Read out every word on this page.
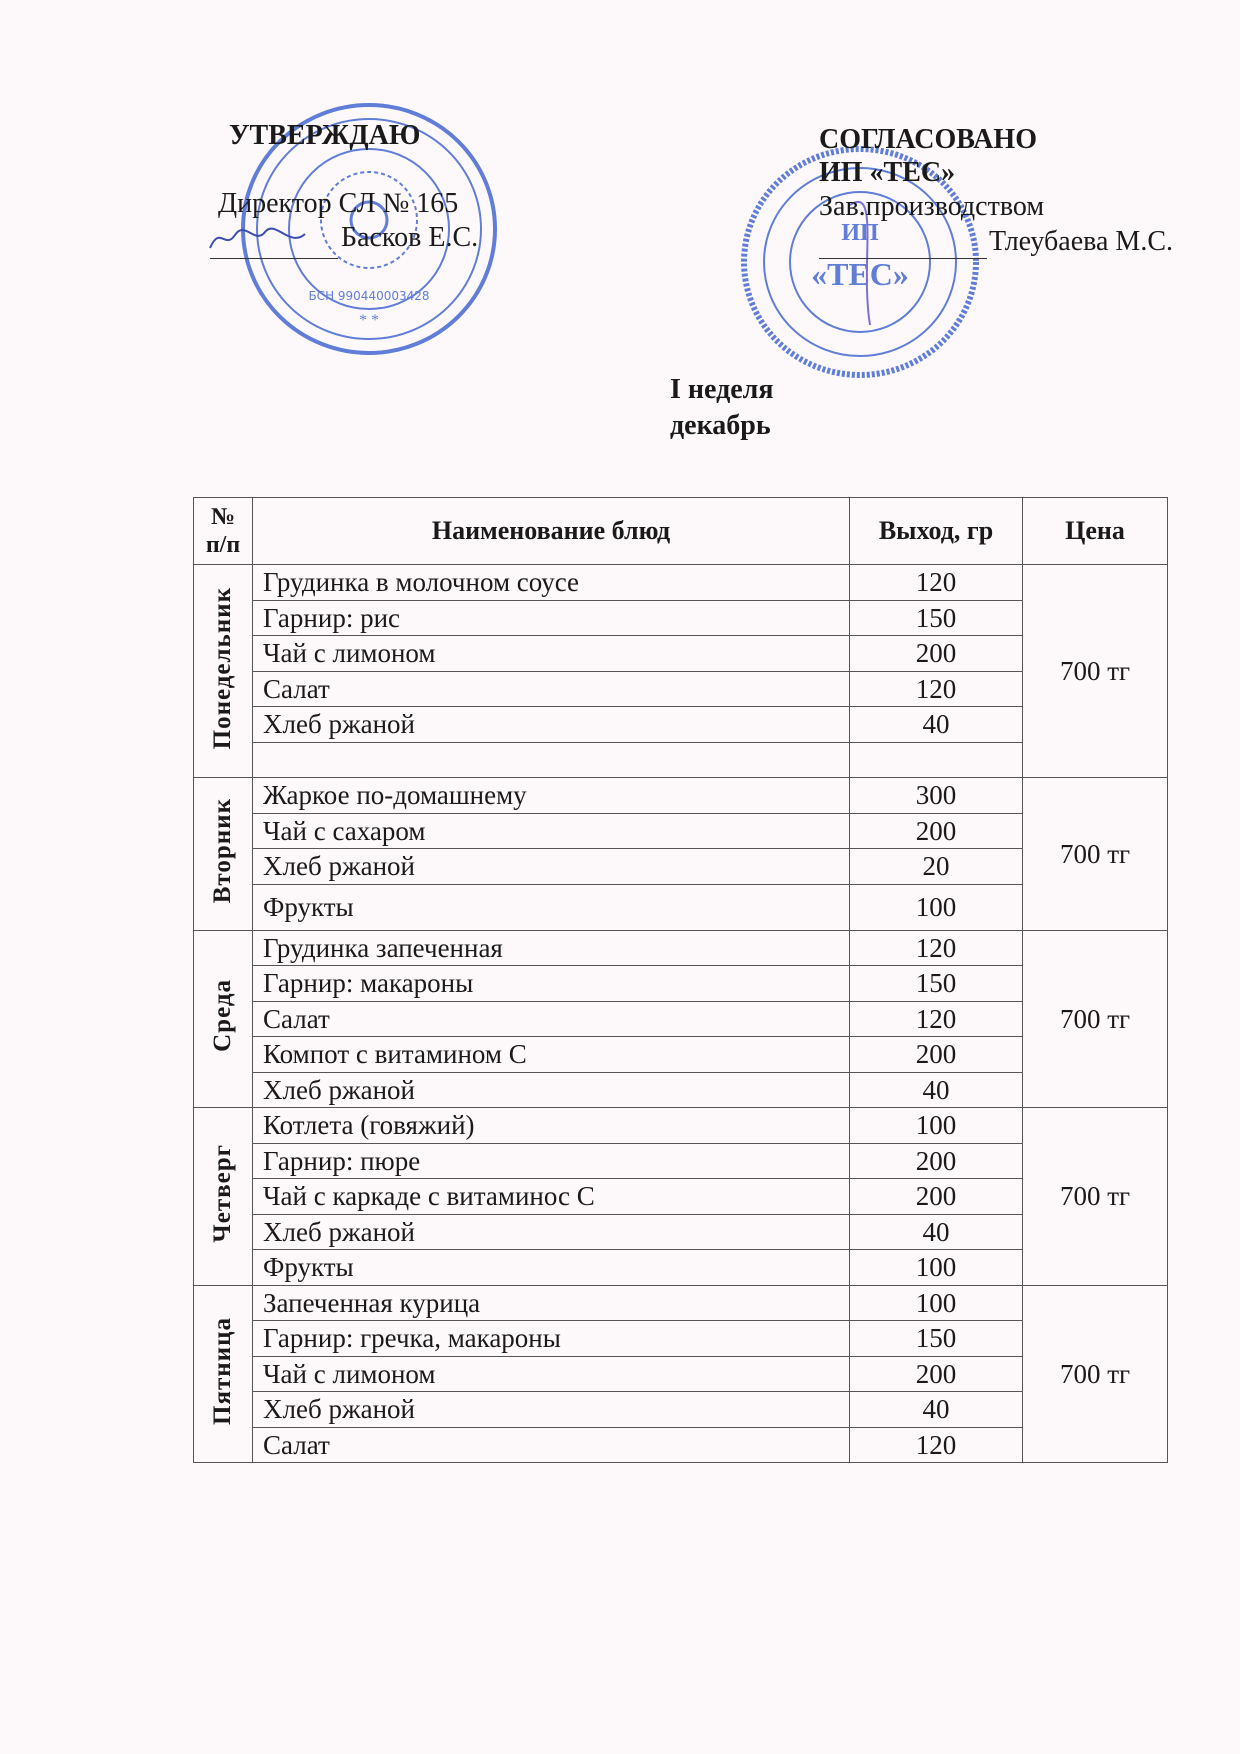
БСН 990440003428
* *
ИП
«ТЕС»
УТВЕРЖДАЮ
Директор СЛ № 165
Басков Е.С.
СОГЛАСОВАНО
ИП «ТЕС»
Зав.производством
Тлеубаева М.С.
I неделя
декабрь
№ п/п	Наименование блюд	Выход, гр	Цена
Понедельник	Грудинка в молочном соусе	120	700 тг
	Гарнир: рис	150	
	Чай с лимоном	200	
	Салат	120	
	Хлеб ржаной	40	

Вторник	Жаркое по-домашнему	300	700 тг
	Чай с сахаром	200	
	Хлеб ржаной	20	
	Фрукты	100	
Среда	Грудинка запеченная	120	700 тг
	Гарнир: макароны	150	
	Салат	120	
	Компот с витамином С	200	
	Хлеб ржаной	40	
Четверг	Котлета (говяжий)	100	700 тг
	Гарнир: пюре	200	
	Чай с каркаде с витаминос С	200	
	Хлеб ржаной	40	
	Фрукты	100	
Пятница	Запеченная курица	100	700 тг
	Гарнир: гречка, макароны	150	
	Чай с лимоном	200	
	Хлеб ржаной	40	
	Салат	120	
